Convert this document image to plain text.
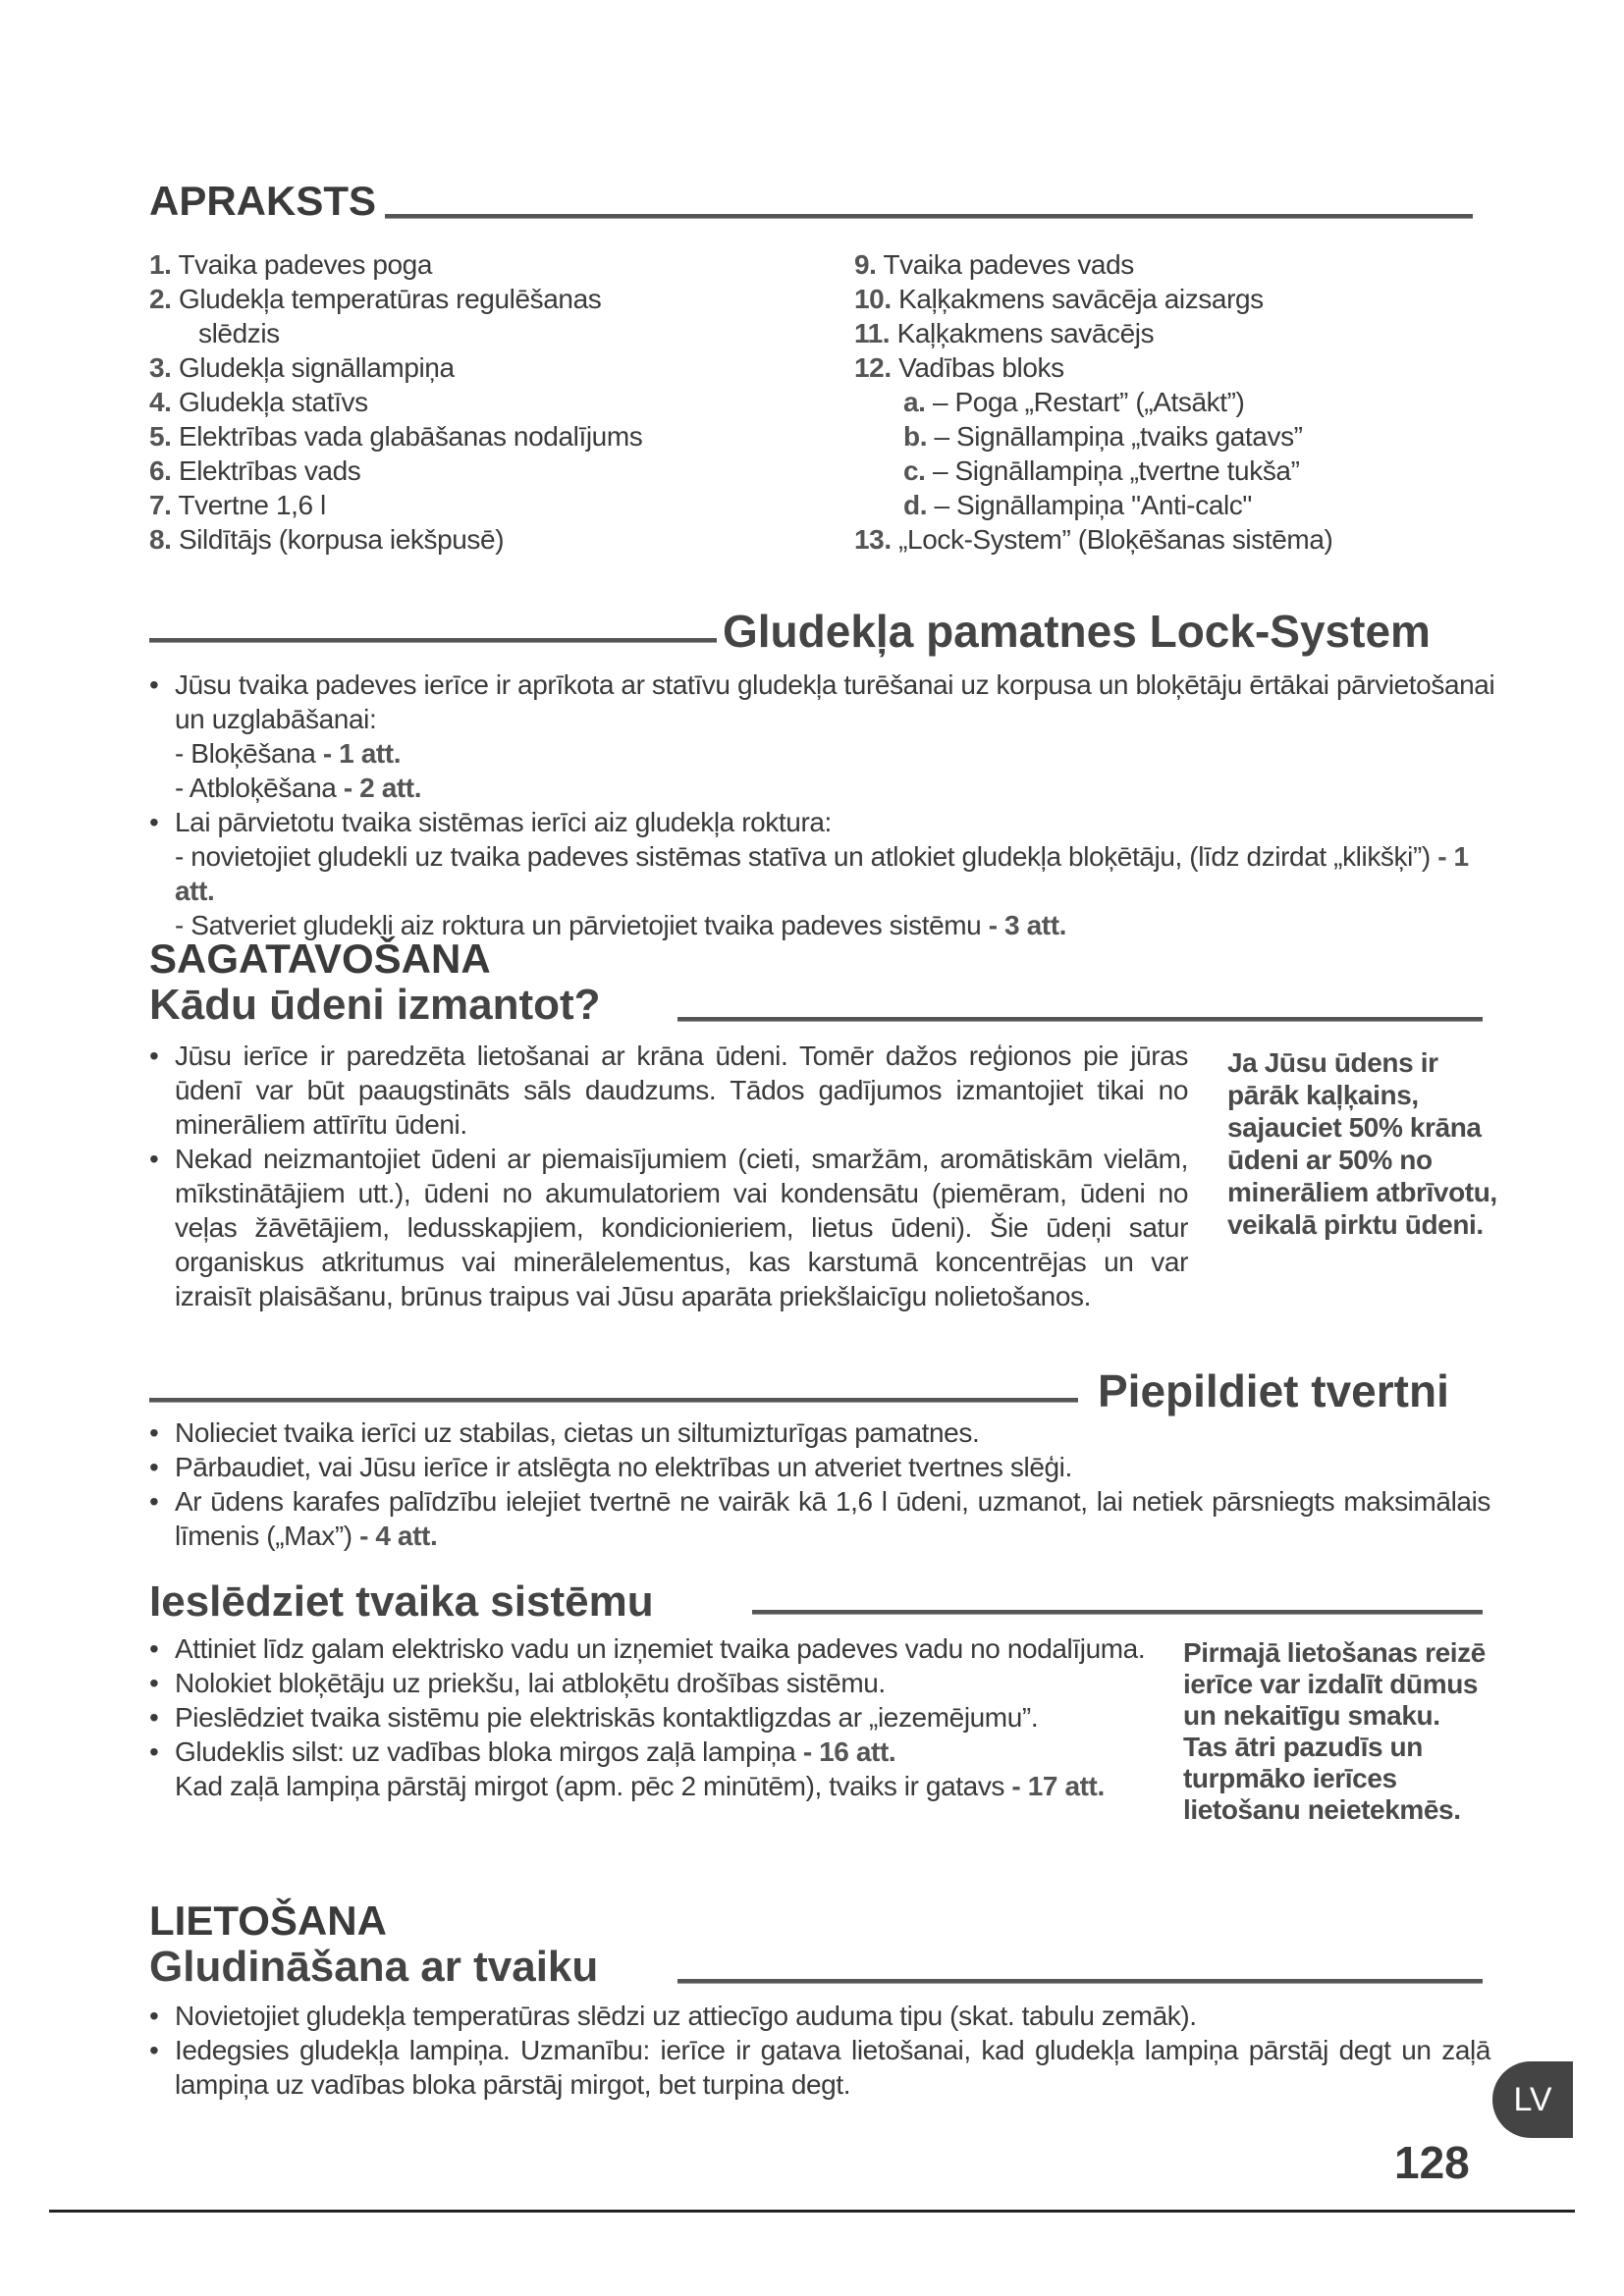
APRAKSTS
1. Tvaika padeves poga
2. Gludekļa temperatūras regulēšanas
slēdzis
3. Gludekļa signāllampiņa
4. Gludekļa statīvs
5. Elektrības vada glabāšanas nodalījums
6. Elektrības vads
7. Tvertne 1,6 l
8. Sildītājs (korpusa iekšpusē)
9. Tvaika padeves vads
10. Kaļķakmens savācēja aizsargs
11. Kaļķakmens savācējs
12. Vadības bloks
a. – Poga „Restart” („Atsākt”)
b. – Signāllampiņa „tvaiks gatavs”
c. – Signāllampiņa „tvertne tukša”
d. – Signāllampiņa "Anti-calc"
13. „Lock-System” (Bloķēšanas sistēma)
Gludekļa pamatnes Lock-System
• Jūsu tvaika padeves ierīce ir aprīkota ar statīvu gludekļa turēšanai uz korpusa un bloķētāju ērtākai pārvietošanai un uzglabāšanai:
- Bloķēšana - 1 att.
- Atbloķēšana - 2 att.
• Lai pārvietotu tvaika sistēmas ierīci aiz gludekļa roktura:
- novietojiet gludekli uz tvaika padeves sistēmas statīva un atlokiet gludekļa bloķētāju, (līdz dzirdat „klikšķi”) - 1 att.
- Satveriet gludekli aiz roktura un pārvietojiet tvaika padeves sistēmu - 3 att.
SAGATAVOŠANA
Kādu ūdeni izmantot?
• Jūsu ierīce ir paredzēta lietošanai ar krāna ūdeni. Tomēr dažos reģionos pie jūras ūdenī var būt paaugstināts sāls daudzums. Tādos gadījumos izmantojiet tikai no minerāliem attīrītu ūdeni.
• Nekad neizmantojiet ūdeni ar piemaisījumiem (cieti, smaržām, aromātiskām vielām, mīkstinātājiem utt.), ūdeni no akumulatoriem vai kondensātu (piemēram, ūdeni no veļas žāvētājiem, ledusskapjiem, kondicionieriem, lietus ūdeni). Šie ūdeņi satur organiskus atkritumus vai minerālelementus, kas karstumā koncentrējas un var izraisīt plaisāšanu, brūnus traipus vai Jūsu aparāta priekšlaicīgu nolietošanos.
Ja Jūsu ūdens ir pārāk kaļķains, sajauciet 50% krāna ūdeni ar 50% no minerāliem atbrīvotu, veikalā pirktu ūdeni.
Piepildiet tvertni
• Nolieciet tvaika ierīci uz stabilas, cietas un siltumizturīgas pamatnes.
• Pārbaudiet, vai Jūsu ierīce ir atslēgta no elektrības un atveriet tvertnes slēģi.
• Ar ūdens karafes palīdzību ielejiet tvertnē ne vairāk kā 1,6 l ūdeni, uzmanot, lai netiek pārsniegts maksimālais līmenis („Max”) - 4 att.
Ieslēdziet tvaika sistēmu
• Attiniet līdz galam elektrisko vadu un izņemiet tvaika padeves vadu no nodalījuma.
• Nolokiet bloķētāju uz priekšu, lai atbloķētu drošības sistēmu.
• Pieslēdziet tvaika sistēmu pie elektriskās kontaktligzdas ar „iezemējumu”.
• Gludeklis silst: uz vadības bloka mirgos zaļā lampiņa - 16 att.
Kad zaļā lampiņa pārstāj mirgot (apm. pēc 2 minūtēm), tvaiks ir gatavs - 17 att.
Pirmajā lietošanas reizē ierīce var izdalīt dūmus un nekaitīgu smaku. Tas ātri pazudīs un turpmāko ierīces lietošanu neietekmēs.
LIETOŠANA
Gludināšana ar tvaiku
• Novietojiet gludekļa temperatūras slēdzi uz attiecīgo auduma tipu (skat. tabulu zemāk).
• Iedegsies gludekļa lampiņa. Uzmanību: ierīce ir gatava lietošanai, kad gludekļa lampiņa pārstāj degt un zaļā lampiņa uz vadības bloka pārstāj mirgot, bet turpina degt.	LV
128
